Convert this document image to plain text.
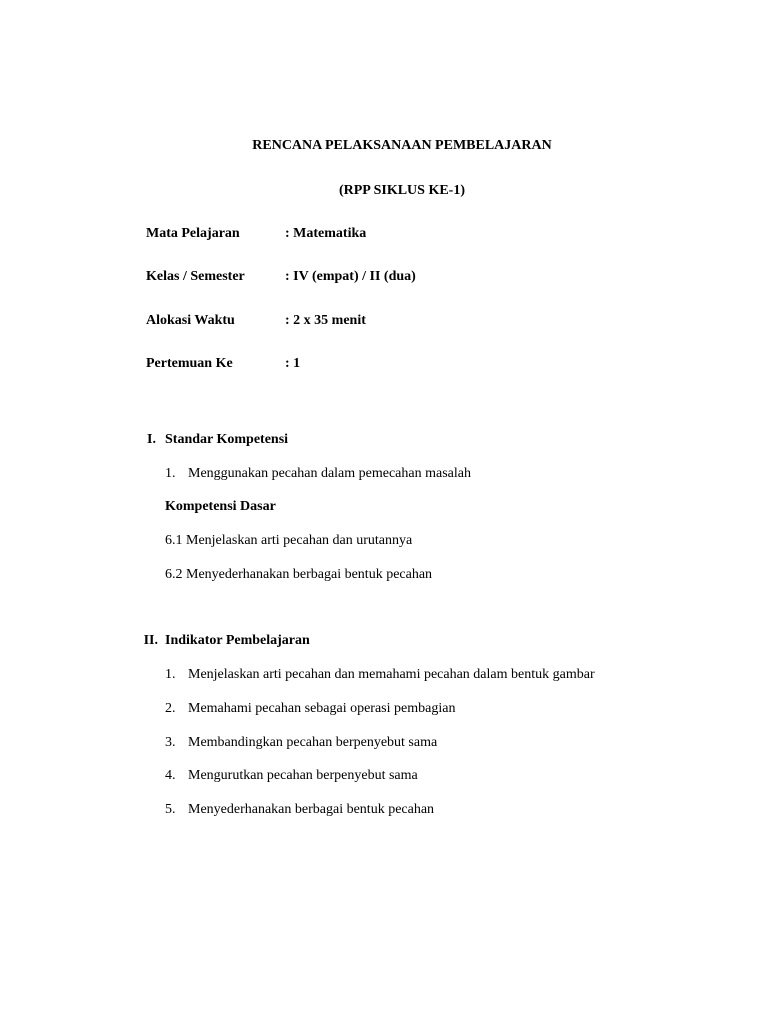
RENCANA PELAKSANAAN PEMBELAJARAN
(RPP SIKLUS KE-1)
Mata Pelajaran	: Matematika
Kelas / Semester	: IV (empat) / II (dua)
Alokasi Waktu	: 2 x 35 menit
Pertemuan Ke	: 1
I. Standar Kompetensi
1. Menggunakan pecahan dalam pemecahan masalah
Kompetensi Dasar
6.1 Menjelaskan arti pecahan dan urutannya
6.2 Menyederhanakan berbagai bentuk pecahan
II. Indikator Pembelajaran
1. Menjelaskan arti pecahan dan memahami pecahan dalam bentuk gambar
2. Memahami pecahan sebagai operasi pembagian
3. Membandingkan pecahan berpenyebut sama
4. Mengurutkan pecahan berpenyebut sama
5. Menyederhanakan berbagai bentuk pecahan
